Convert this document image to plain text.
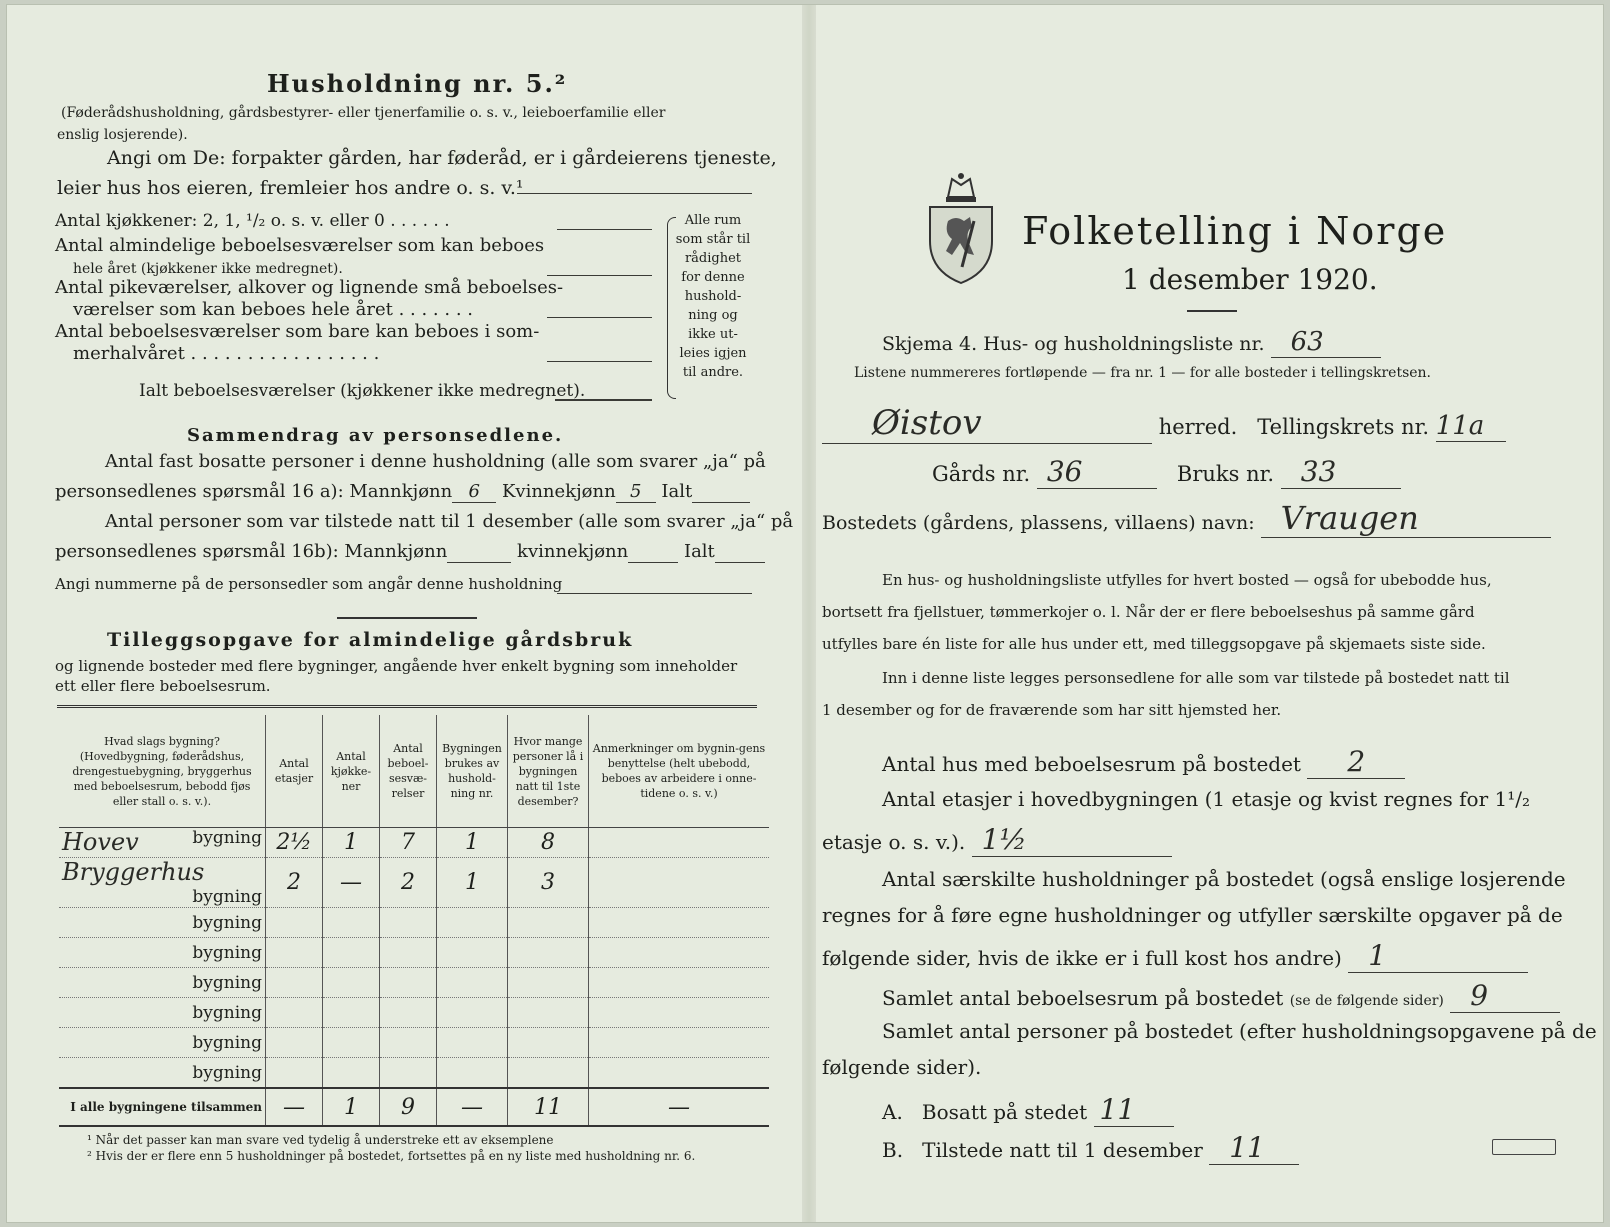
Husholdning nr. 5.²
(Føderådshusholdning, gårdsbestyrer- eller tjenerfamilie o. s. v., leieboerfamilie eller
enslig losjerende).
Angi om De: forpakter gården, har føderåd, er i gårdeierens tjeneste,
leier hus hos eieren, fremleier hos andre o. s. v.¹
Antal kjøkkener: 2, 1, ¹/₂ o. s. v. eller 0 . . . . . .
Antal almindelige beboelsesværelser som kan beboes
hele året (kjøkkener ikke medregnet).
Antal pikeværelser, alkover og lignende små beboelses-
værelser som kan beboes hele året . . . . . . .
Antal beboelsesværelser som bare kan beboes i som-
merhalvåret . . . . . . . . . . . . . . . . .
Ialt beboelsesværelser (kjøkkener ikke medregnet).
Alle rum
som står til
rådighet
for denne
hushold-
ning og
ikke ut-
leies igjen
til andre.
Sammendrag av personsedlene.
Antal fast bosatte personer i denne husholdning (alle som svarer „ja“ på
personsedlenes spørsmål 16 a): Mannkjønn 6 Kvinnekjønn 5 Ialt
Antal personer som var tilstede natt til 1 desember (alle som svarer „ja“ på
personsedlenes spørsmål 16b): Mannkjønn	kvinnekjønn	Ialt
Angi nummerne på de personsedler som angår denne husholdning
Tilleggsopgave for almindelige gårdsbruk
og lignende bosteder med flere bygninger, angående hver enkelt bygning som inneholder
ett eller flere beboelsesrum.
Hvad slags bygning?
(Hovedbygning, føderådshus, drengestuebygning, bryggerhus med beboelsesrum, bebodd fjøs eller stall o. s. v.).	Antal etasjer	Antal kjøkke-ner	Antal beboel-sesvæ-relser	Bygningen brukes av hushold-ning nr.	Hvor mange personer lå i bygningen natt til 1ste desember?	Anmerkninger om bygnin-gens benyttelse (helt ubebodd, beboes av arbeidere i onne-tidene o. s. v.)

Hovev bygning	2½	1	7	1	8	

Bryggerhus
bygning	2	—	2	1	3	

bygning						

bygning						

bygning						

bygning						

bygning						

bygning						
I alle bygningene tilsammen	—	1	9	—	11	—
¹ Når det passer kan man svare ved tydelig å understreke ett av eksemplene
² Hvis der er flere enn 5 husholdninger på bostedet, fortsettes på en ny liste med husholdning nr. 6.
Folketelling i Norge
1 desember 1920.
Skjema 4. Hus- og husholdningsliste nr. 63
Listene nummereres fortløpende — fra nr. 1 — for alle bosteder i tellingskretsen.
Øistov	herred. Tellingskrets nr. 11a
Gårds nr. 36	Bruks nr. 33
Bostedets (gårdens, plassens, villaens) navn: Vraugen
En hus- og husholdningsliste utfylles for hvert bosted — også for ubebodde hus,
bortsett fra fjellstuer, tømmerkojer o. l. Når der er flere beboelseshus på samme gård
utfylles bare én liste for alle hus under ett, med tilleggsopgave på skjemaets siste side.
Inn i denne liste legges personsedlene for alle som var tilstede på bostedet natt til
1 desember og for de fraværende som har sitt hjemsted her.
Antal hus med beboelsesrum på bostedet 2
Antal etasjer i hovedbygningen (1 etasje og kvist regnes for 1¹/₂
etasje o. s. v.). 1½
Antal særskilte husholdninger på bostedet (også enslige losjerende
regnes for å føre egne husholdninger og utfyller særskilte opgaver på de
følgende sider, hvis de ikke er i full kost hos andre) 1
Samlet antal beboelsesrum på bostedet (se de følgende sider) 9
Samlet antal personer på bostedet (efter husholdningsopgavene på de
følgende sider).
A. Bosatt på stedet 11
B. Tilstede natt til 1 desember 11
